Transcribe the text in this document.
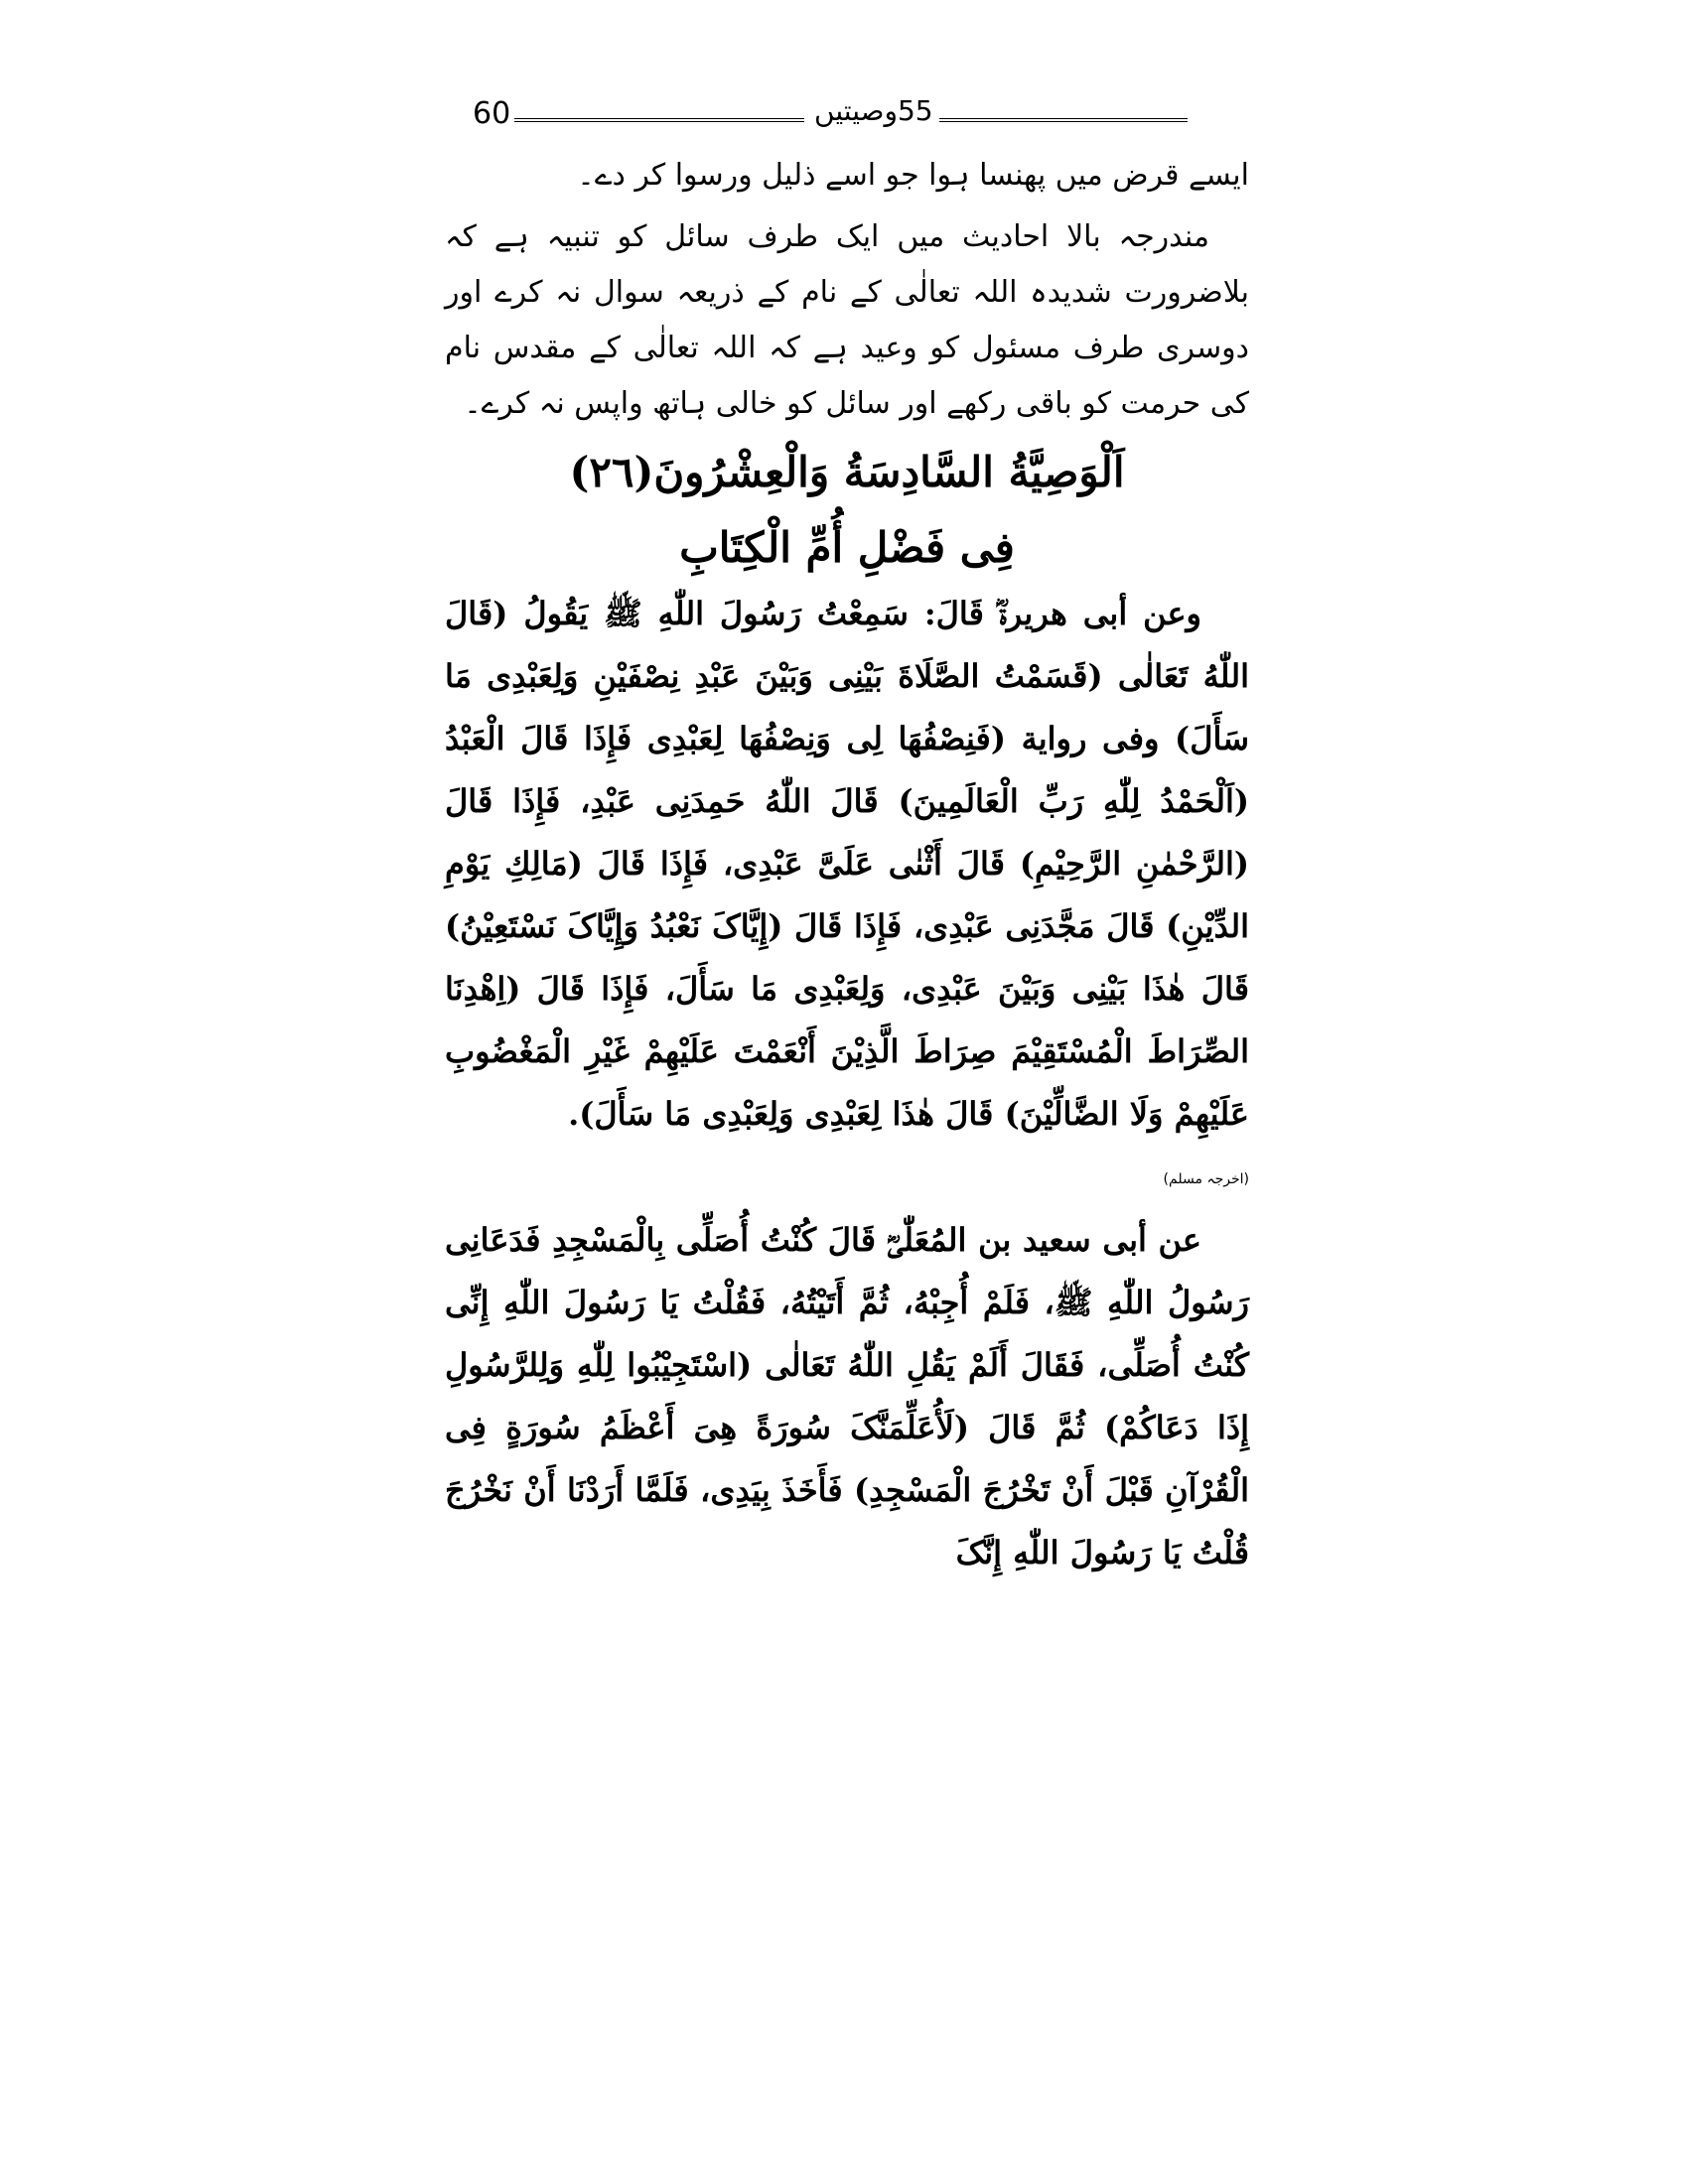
60	55وصیتیں

ایسے قرض میں پھنسا ہوا جو اسے ذلیل ورسوا کر دے۔

مندرجہ بالا احادیث میں ایک طرف سائل کو تنبیہ ہے کہ بلاضرورت شدیدہ اللہ تعالٰی کے نام کے ذریعہ سوال نہ کرے اور دوسری طرف مسئول کو وعید ہے کہ اللہ تعالٰی کے مقدس نام کی حرمت کو باقی رکھے اور سائل کو خالی ہاتھ واپس نہ کرے۔

اَلْوَصِيَّةُ السَّادِسَةُ وَالْعِشْرُونَ(٢٦)
فِی فَضْلِ أُمِّ الْکِتَابِ

وعن أبی هريرةؓ قَالَ: سَمِعْتُ رَسُولَ اللّٰهِ ﷺ يَقُولُ (قَالَ اللّٰهُ تَعَالٰی (قَسَمْتُ الصَّلَاةَ بَيْنِی وَبَيْنَ عَبْدِ نِصْفَيْنِ وَلِعَبْدِی مَا سَأَلَ) وفی رواية (فَنِصْفُهَا لِی وَنِصْفُهَا لِعَبْدِی فَإِذَا قَالَ الْعَبْدُ (اَلْحَمْدُ لِلّٰهِ رَبِّ الْعَالَمِينَ) قَالَ اللّٰهُ حَمِدَنِی عَبْدِ، فَإِذَا قَالَ (الرَّحْمٰنِ الرَّحِيْمِ) قَالَ أَثْنٰی عَلَیَّ عَبْدِی، فَإِذَا قَالَ (مَالِكِ يَوْمِ الدِّيْنِ) قَالَ مَجَّدَنِی عَبْدِی، فَإِذَا قَالَ (إِيَّاکَ نَعْبُدُ وَإِيَّاکَ نَسْتَعِيْنُ) قَالَ هٰذَا بَيْنِی وَبَيْنَ عَبْدِی، وَلِعَبْدِی مَا سَأَلَ، فَإِذَا قَالَ (اِهْدِنَا الصِّرَاطَ الْمُسْتَقِيْمَ صِرَاطَ الَّذِيْنَ أَنْعَمْتَ عَلَيْهِمْ غَيْرِ الْمَغْضُوبِ عَلَيْهِمْ وَلَا الضَّالِّيْنَ) قَالَ هٰذَا لِعَبْدِی وَلِعَبْدِی مَا سَأَلَ).

(اخرجہ مسلم)

عن أبی سعيد بن المُعَلّٰیؓ قَالَ كُنْتُ أُصَلِّی بِالْمَسْجِدِ فَدَعَانِی رَسُولُ اللّٰهِ ﷺ، فَلَمْ أُجِبْهُ، ثُمَّ أَتَيْتُهُ، فَقُلْتُ يَا رَسُولَ اللّٰهِ إِنِّی كُنْتُ أُصَلِّی، فَقَالَ أَلَمْ يَقُلِ اللّٰهُ تَعَالٰی (اسْتَجِيْبُوا لِلّٰهِ وَلِلرَّسُولِ إِذَا دَعَاكُمْ) ثُمَّ قَالَ (لَأُعَلِّمَنَّکَ سُورَةً هِیَ أَعْظَمُ سُورَةٍ فِی الْقُرْآنِ قَبْلَ أَنْ تَخْرُجَ الْمَسْجِدِ) فَأَخَذَ بِيَدِی، فَلَمَّا أَرَدْنَا أَنْ نَخْرُجَ قُلْتُ يَا رَسُولَ اللّٰهِ إِنَّکَ
